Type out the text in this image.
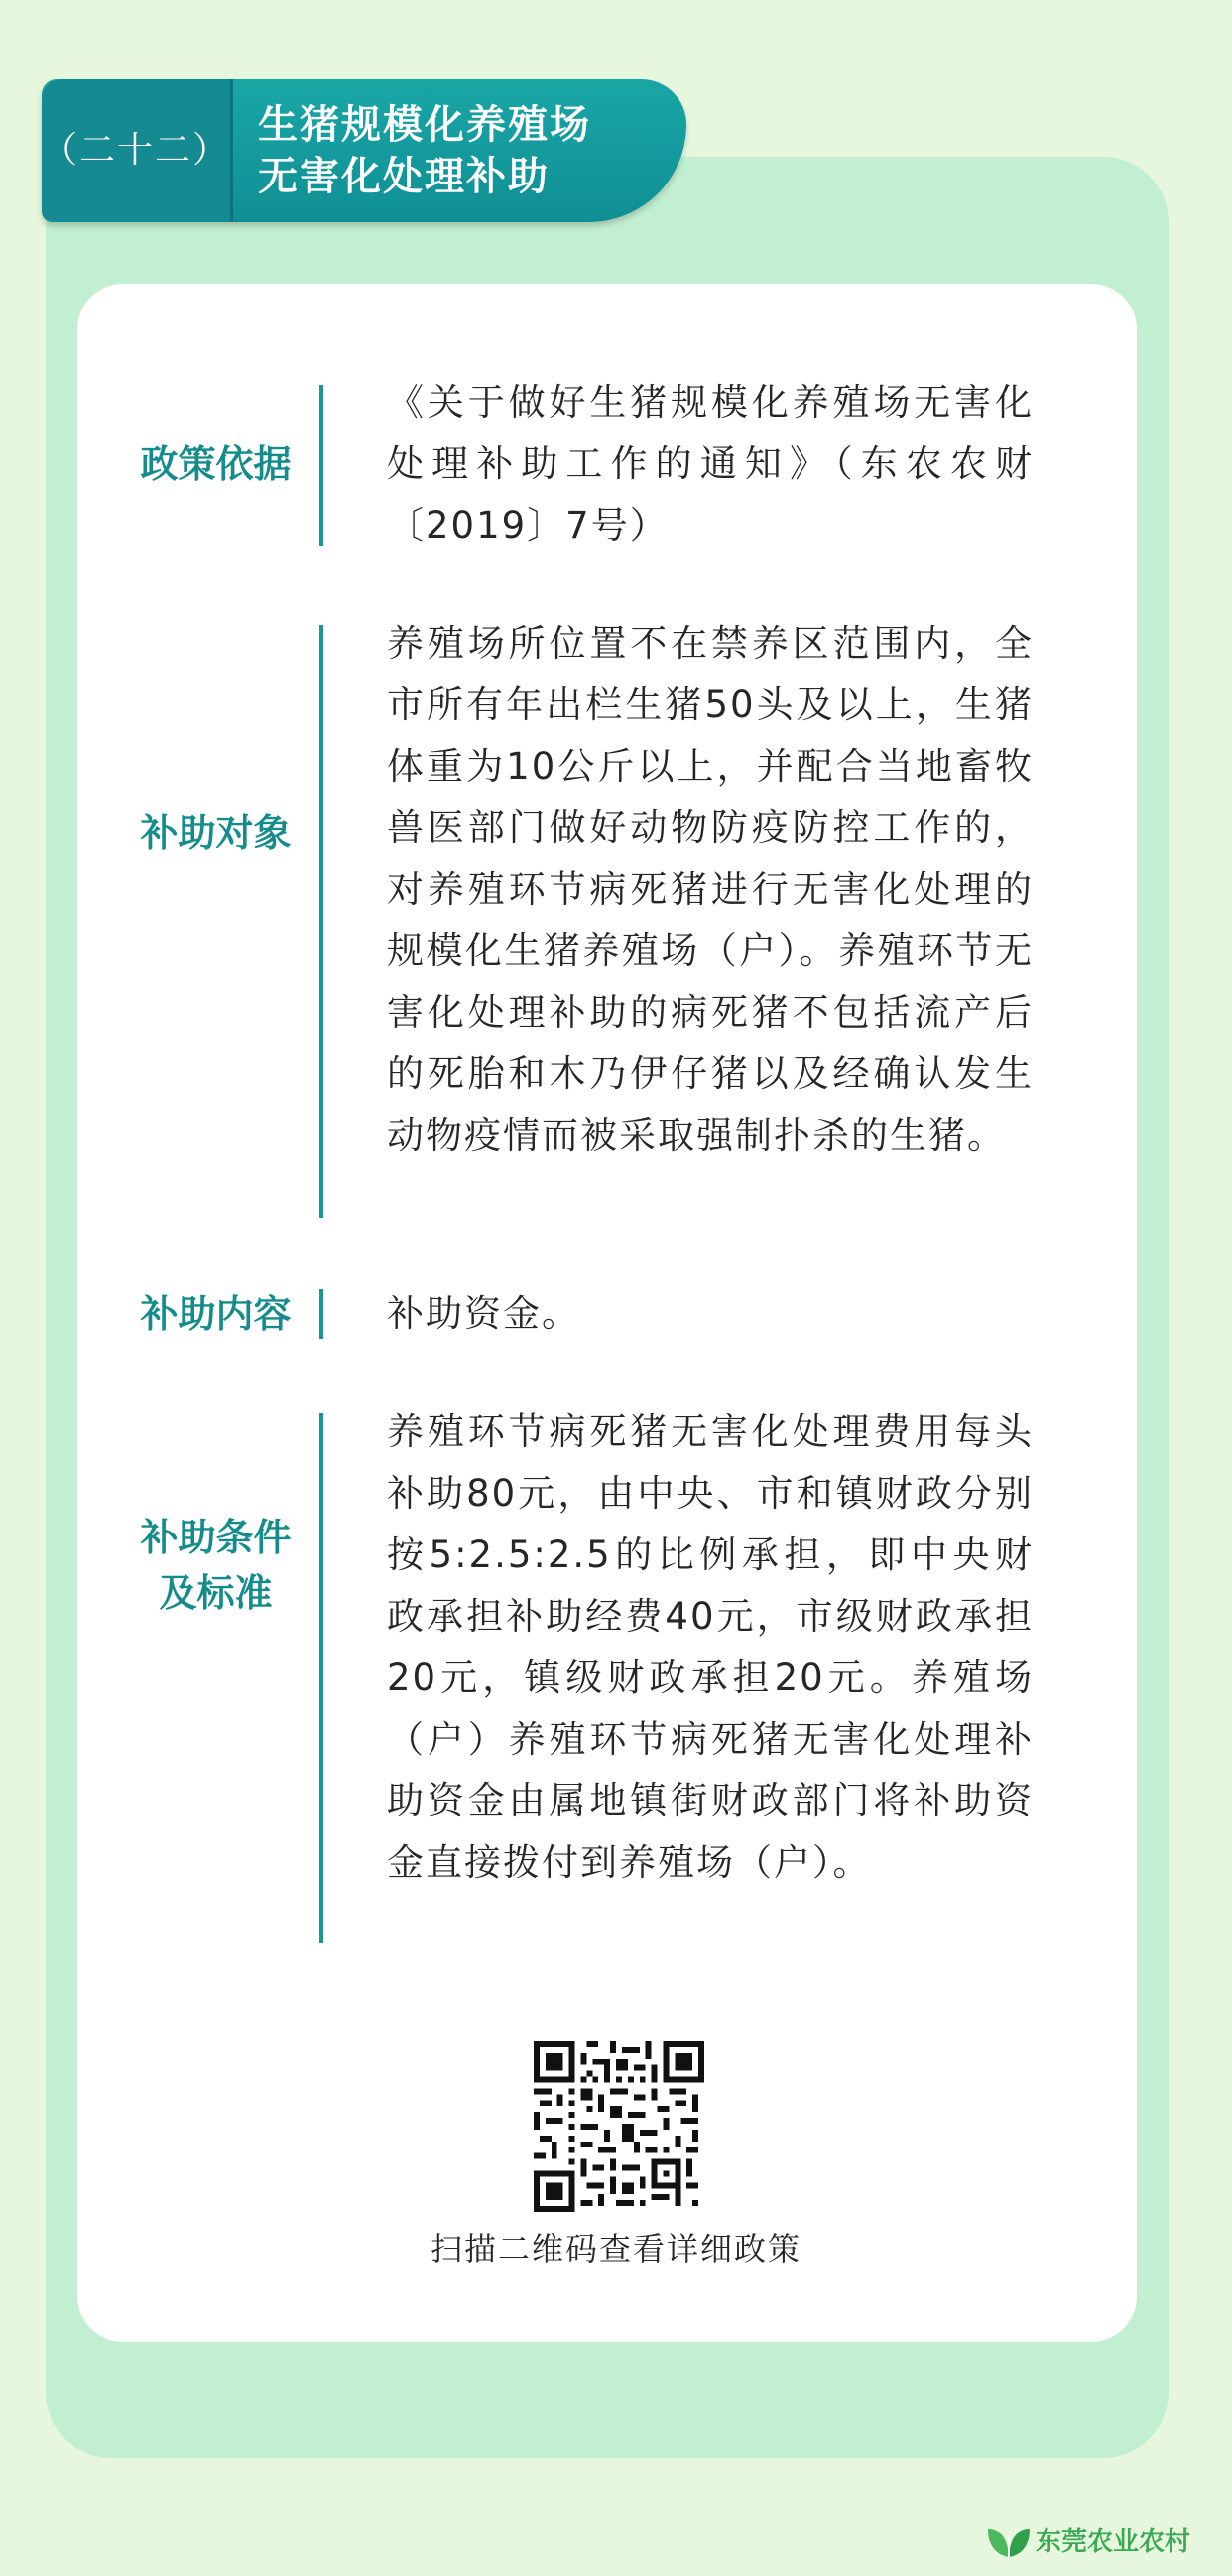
（二十二）
生猪规模化养殖场
无害化处理补助
政策依据
《关于做好生猪规模化养殖场无害化处理补助工作的通知》（东农农财〔2019〕7号）
补助对象
养殖场所位置不在禁养区范围内，全市所有年出栏生猪50头及以上，生猪体重为10公斤以上，并配合当地畜牧兽医部门做好动物防疫防控工作的，对养殖环节病死猪进行无害化处理的规模化生猪养殖场（户）。养殖环节无害化处理补助的病死猪不包括流产后的死胎和木乃伊仔猪以及经确认发生动物疫情而被采取强制扑杀的生猪。
补助内容	补助资金。
补助条件
及标准
养殖环节病死猪无害化处理费用每头补助80元，由中央、市和镇财政分别按5:2.5:2.5的比例承担，即中央财政承担补助经费40元，市级财政承担20元，镇级财政承担20元。养殖场（户）养殖环节病死猪无害化处理补助资金由属地镇街财政部门将补助资金直接拨付到养殖场（户）。
扫描二维码查看详细政策
东莞农业农村
